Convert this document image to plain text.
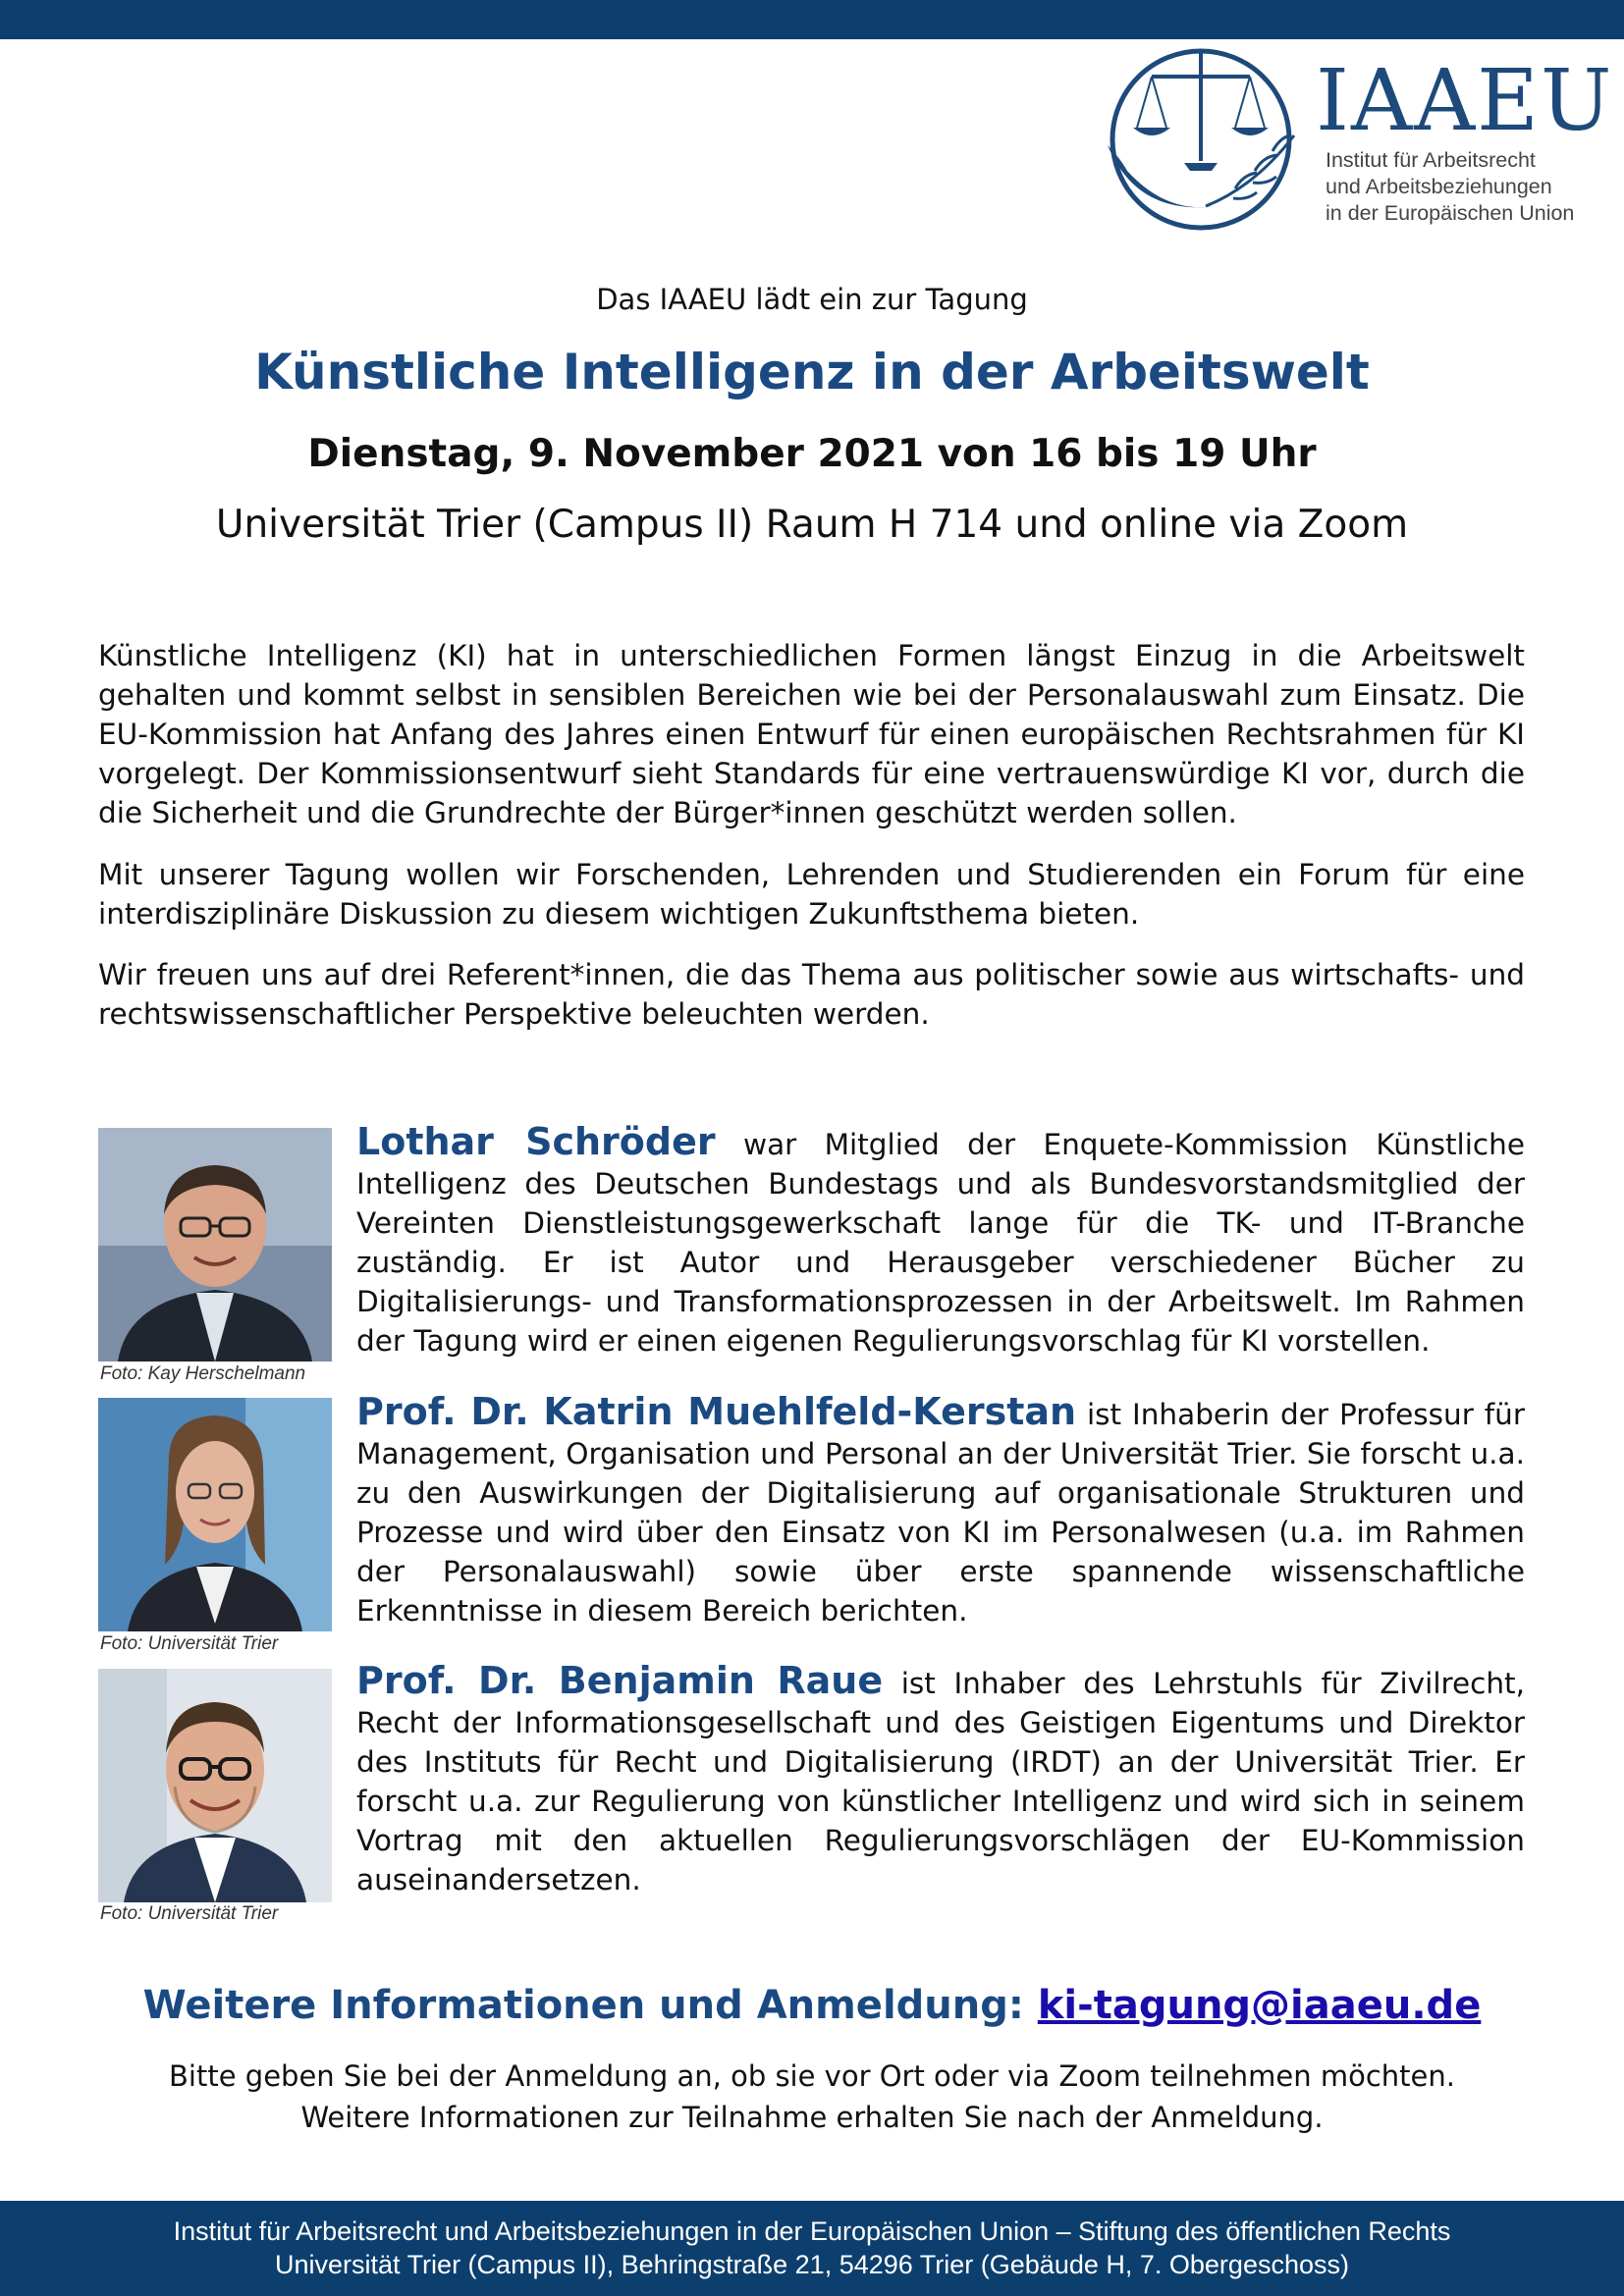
IAAEU
Institut für Arbeitsrecht
und Arbeitsbeziehungen
in der Europäischen Union
Das IAAEU lädt ein zur Tagung
Künstliche Intelligenz in der Arbeitswelt
Dienstag, 9. November 2021 von 16 bis 19 Uhr
Universität Trier (Campus II) Raum H 714 und online via Zoom

Künstliche Intelligenz (KI) hat in unterschiedlichen Formen längst Einzug in die Arbeitswelt gehalten und kommt selbst in sensiblen Bereichen wie bei der Personalauswahl zum Einsatz. Die EU-Kommission hat Anfang des Jahres einen Entwurf für einen europäischen Rechtsrahmen für KI vorgelegt. Der Kommissionsentwurf sieht Standards für eine vertrauenswürdige KI vor, durch die die Sicherheit und die Grundrechte der Bürger*innen geschützt werden sollen.

Mit unserer Tagung wollen wir Forschenden, Lehrenden und Studierenden ein Forum für eine interdisziplinäre Diskussion zu diesem wichtigen Zukunftsthema bieten.

Wir freuen uns auf drei Referent*innen, die das Thema aus politischer sowie aus wirtschafts- und rechtswissenschaftlicher Perspektive beleuchten werden.

Foto: Kay Herschelmann

Lothar Schröder war Mitglied der Enquete-Kommission Künstliche Intelligenz des Deutschen Bundestags und als Bundesvorstandsmitglied der Vereinten Dienstleistungsgewerkschaft lange für die TK- und IT-Branche zuständig. Er ist Autor und Herausgeber verschiedener Bücher zu Digitalisierungs- und Transformationsprozessen in der Arbeitswelt. Im Rahmen der Tagung wird er einen eigenen Regulierungsvorschlag für KI vorstellen.

Foto: Universität Trier

Prof. Dr. Katrin Muehlfeld-Kerstan ist Inhaberin der Professur für Management, Organisation und Personal an der Universität Trier. Sie forscht u.a. zu den Auswirkungen der Digitalisierung auf organisationale Strukturen und Prozesse und wird über den Einsatz von KI im Personalwesen (u.a. im Rahmen der Personalauswahl) sowie über erste spannende wissenschaftliche Erkenntnisse in diesem Bereich berichten.

Foto: Universität Trier

Prof. Dr. Benjamin Raue ist Inhaber des Lehrstuhls für Zivilrecht, Recht der Informationsgesellschaft und des Geistigen Eigentums und Direktor des Instituts für Recht und Digitalisierung (IRDT) an der Universität Trier. Er forscht u.a. zur Regulierung von künstlicher Intelligenz und wird sich in seinem Vortrag mit den aktuellen Regulierungsvorschlägen der EU-Kommission auseinandersetzen.

Weitere Informationen und Anmeldung: ki-tagung@iaaeu.de
Bitte geben Sie bei der Anmeldung an, ob sie vor Ort oder via Zoom teilnehmen möchten.
Weitere Informationen zur Teilnahme erhalten Sie nach der Anmeldung.
Institut für Arbeitsrecht und Arbeitsbeziehungen in der Europäischen Union – Stiftung des öffentlichen Rechts
Universität Trier (Campus II), Behringstraße 21, 54296 Trier (Gebäude H, 7. Obergeschoss)
